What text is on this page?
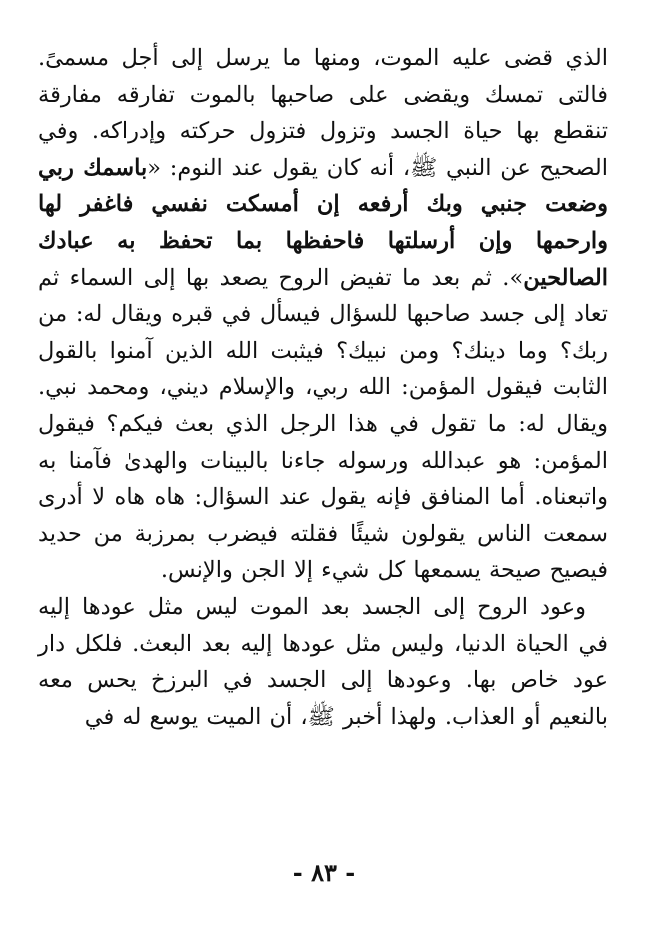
الذي قضى عليه الموت، ومنها ما يرسل إلى أجل مسمىً. فالتى تمسك ويقضى على صاحبها بالموت تفارقه مفارقة تنقطع بها حياة الجسد وتزول فتزول حركته وإدراكه. وفي الصحيح عن النبي ﷺ، أنه كان يقول عند النوم: «باسمك ربي وضعت جنبي وبك أرفعه إن أمسكت نفسي فاغفر لها وارحمها وإن أرسلتها فاحفظها بما تحفظ به عبادك الصالحين». ثم بعد ما تفيض الروح يصعد بها إلى السماء ثم تعاد إلى جسد صاحبها للسؤال فيسأل في قبره ويقال له: من ربك؟ وما دينك؟ ومن نبيك؟ فيثبت الله الذين آمنوا بالقول الثابت فيقول المؤمن: الله ربي، والإسلام ديني، ومحمد نبي. ويقال له: ما تقول في هذا الرجل الذي بعث فيكم؟ فيقول المؤمن: هو عبدالله ورسوله جاءنا بالبينات والهدىٰ فآمنا به واتبعناه. أما المنافق فإنه يقول عند السؤال: هاه هاه لا أدرى سمعت الناس يقولون شيئًا فقلته فيضرب بمرزبة من حديد فيصيح صيحة يسمعها كل شيء إلا الجن والإنس.

وعود الروح إلى الجسد بعد الموت ليس مثل عودها إليه في الحياة الدنيا، وليس مثل عودها إليه بعد البعث. فلكل دار عود خاص بها. وعودها إلى الجسد في البرزخ يحس معه بالنعيم أو العذاب. ولهذا أخبر ﷺ، أن الميت يوسع له في

- ٨٣ -
